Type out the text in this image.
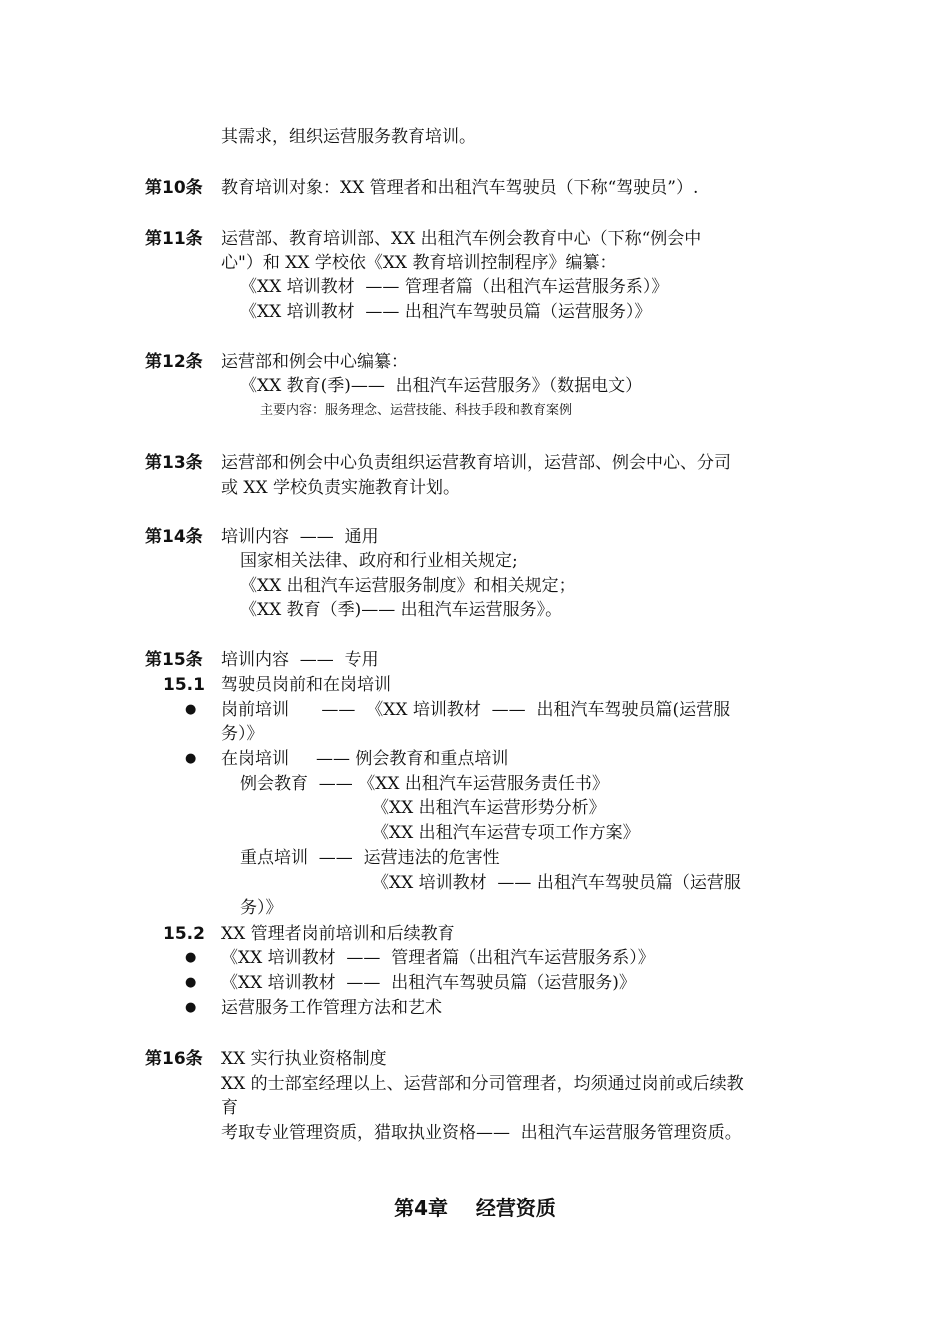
其需求，组织运营服务教育培训。
第10条 教育培训对象：XX 管理者和出租汽车驾驶员（下称“驾驶员”）.
第11条 运营部、教育培训部、XX 出租汽车例会教育中心（下称“例会中
心"）和 XX 学校依《XX 教育培训控制程序》编纂：
《XX 培训教材  —— 管理者篇（出租汽车运营服务系）》
《XX 培训教材  —— 出租汽车驾驶员篇（运营服务）》
第12条 运营部和例会中心编纂：
《XX 教育(季)——  出租汽车运营服务》（数据电文）
主要内容：服务理念、运营技能、科技手段和教育案例
第13条 运营部和例会中心负责组织运营教育培训，运营部、例会中心、分司
或 XX 学校负责实施教育计划。
第14条 培训内容  ——  通用
国家相关法律、政府和行业相关规定;
《XX 出租汽车运营服务制度》和相关规定；
《XX 教育（季)—— 出租汽车运营服务》。
第15条 培训内容  ——  专用
15.1 驾驶员岗前和在岗培训
● 岗前培训      ——  《XX 培训教材  ——  出租汽车驾驶员篇(运营服
务）》
● 在岗培训     —— 例会教育和重点培训
例会教育  —— 《XX 出租汽车运营服务责任书》
《XX 出租汽车运营形势分析》
《XX 出租汽车运营专项工作方案》
重点培训  ——  运营违法的危害性
《XX 培训教材  —— 出租汽车驾驶员篇（运营服
务）》
15.2 XX 管理者岗前培训和后续教育
● 《XX 培训教材  ——  管理者篇（出租汽车运营服务系）》
● 《XX 培训教材  ——  出租汽车驾驶员篇（运营服务)》
● 运营服务工作管理方法和艺术
第16条 XX 实行执业资格制度
XX 的士部室经理以上、运营部和分司管理者，均须通过岗前或后续教
育
考取专业管理资质，猎取执业资格——  出租汽车运营服务管理资质。
第4章    经营资质
